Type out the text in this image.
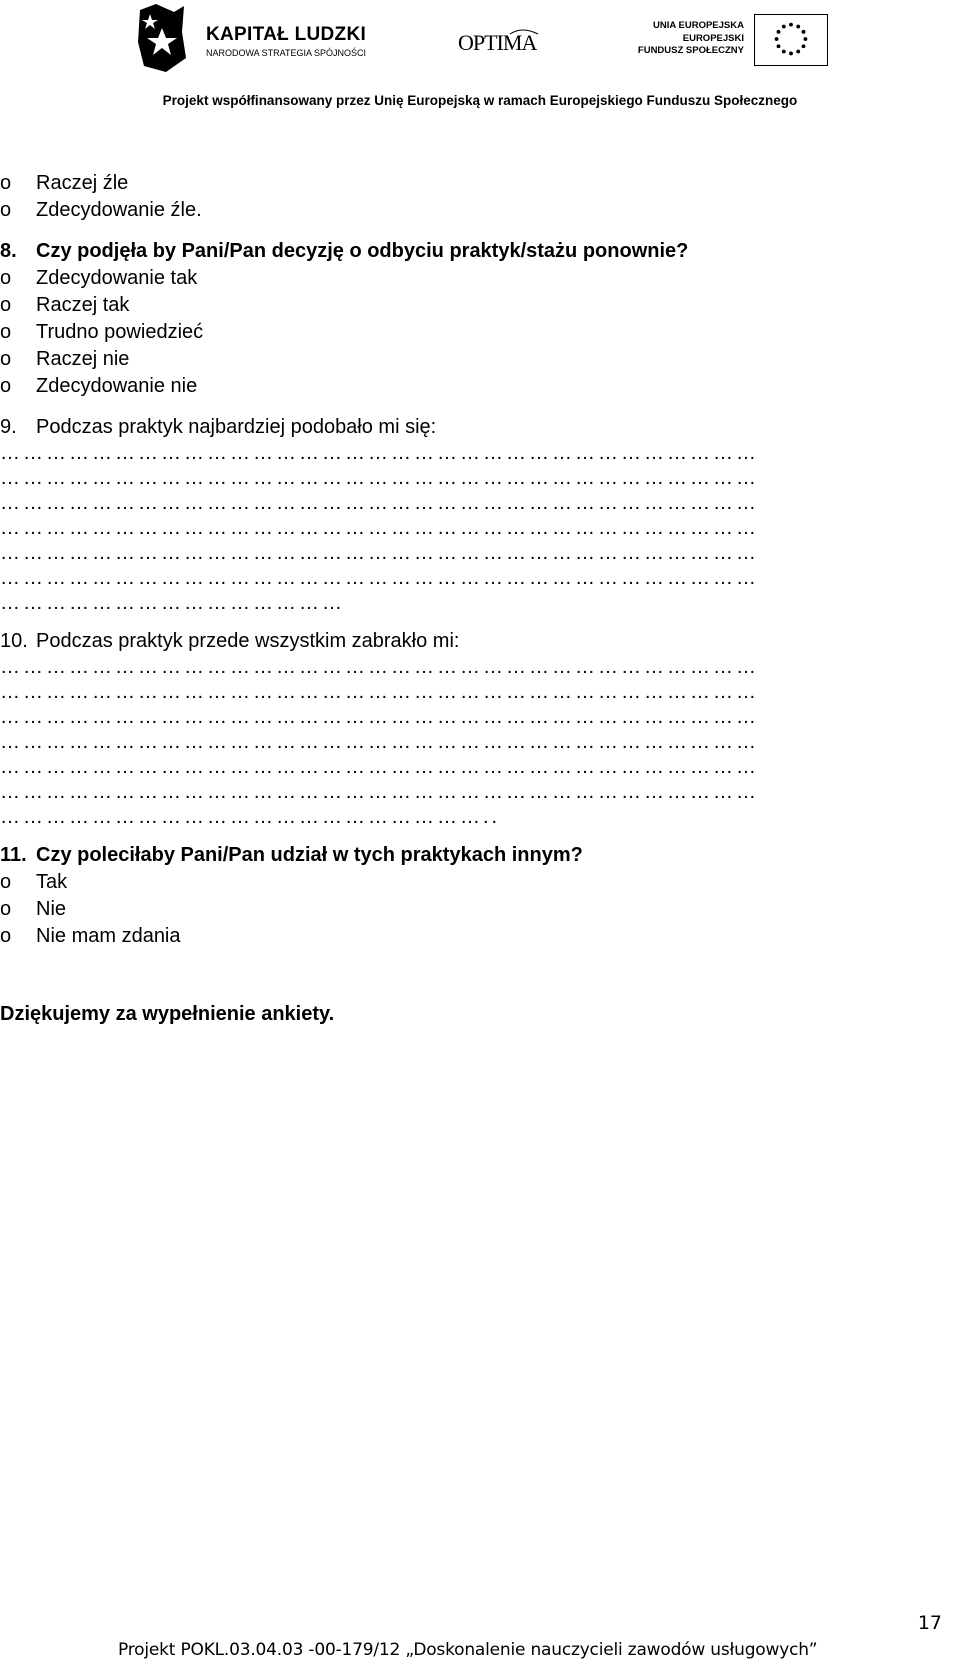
KAPITAŁ LUDZKI
NARODOWA STRATEGIA SPÓJNOŚCI	OPTIMA
UNIA EUROPEJSKA
EUROPEJSKI
FUNDUSZ SPOŁECZNY
Projekt współfinansowany przez Unię Europejską w ramach Europejskiego Funduszu Społecznego
o Raczej źle
o Zdecydowanie źle.
8. Czy podjęła by Pani/Pan decyzję o odbyciu praktyk/stażu ponownie?
o Zdecydowanie tak
o Raczej tak
o Trudno powiedzieć
o Raczej nie
o Zdecydowanie nie
9. Podczas praktyk najbardziej podobało mi się:
………………………………………………………………………………………
………………………………………………………………………………………
………………………………………………………………………………………
………………………………………………………………………………………
………………………………………………………………………………………
………………………………………………………………………………………
………………………………………
10. Podczas praktyk przede wszystkim zabrakło mi:
………………………………………………………………………………………
………………………………………………………………………………………
………………………………………………………………………………………
………………………………………………………………………………………
………………………………………………………………………………………
………………………………………………………………………………………
………………………………………………………..
11. Czy poleciłaby Pani/Pan udział w tych praktykach innym?
o Tak
o Nie
o Nie mam zdania
Dziękujemy za wypełnienie ankiety.
17
Projekt POKL.03.04.03 -00-179/12 „Doskonalenie nauczycieli zawodów usługowych”
